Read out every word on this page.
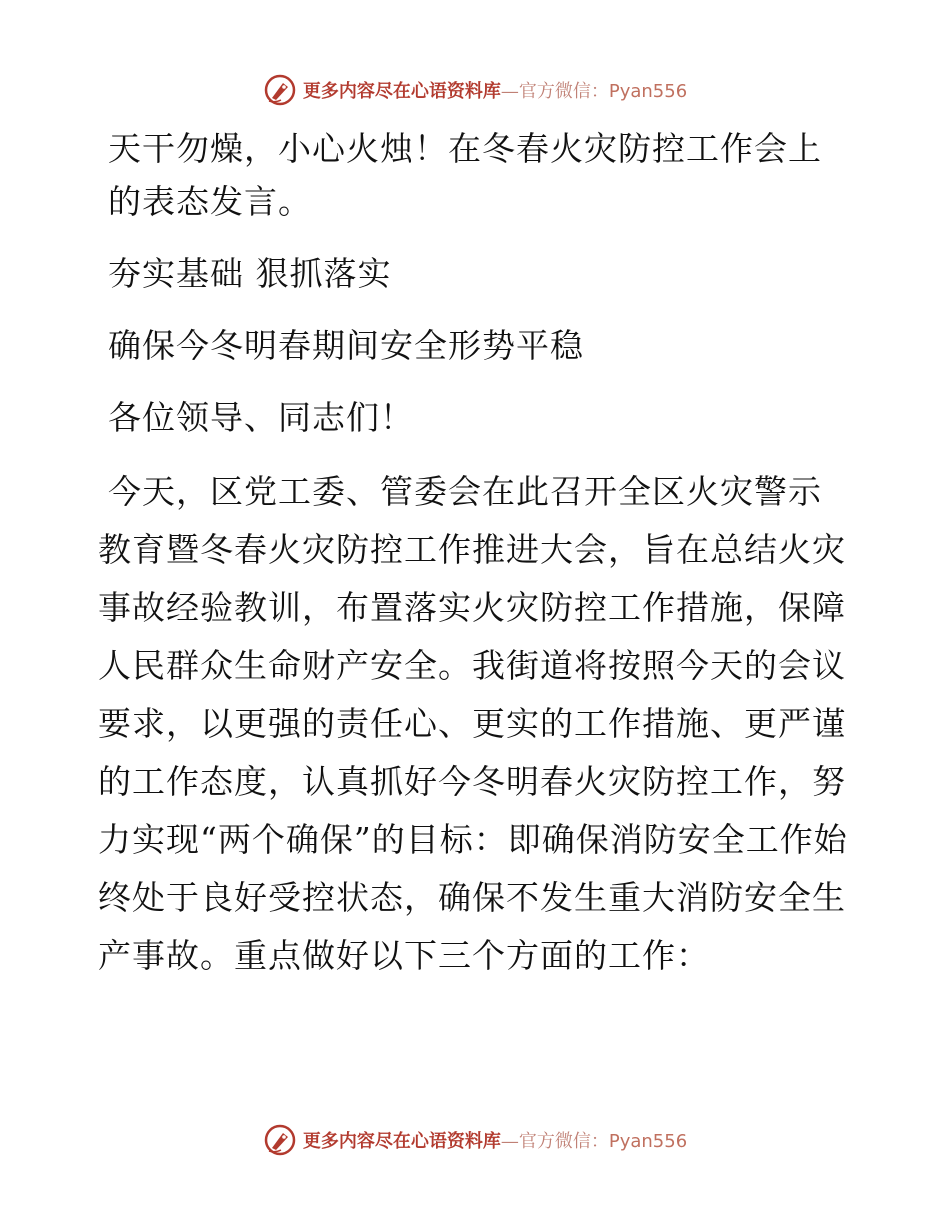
更多内容尽在心语资料库—官方微信：Pyan556

天干勿燥，小心火烛！在冬春火灾防控工作会上的表态发言。

夯实基础 狠抓落实

确保今冬明春期间安全形势平稳

各位领导、同志们！

今天，区党工委、管委会在此召开全区火灾警示教育暨冬春火灾防控工作推进大会，旨在总结火灾事故经验教训，布置落实火灾防控工作措施，保障人民群众生命财产安全。我街道将按照今天的会议要求，以更强的责任心、更实的工作措施、更严谨的工作态度，认真抓好今冬明春火灾防控工作，努力实现“两个确保”的目标：即确保消防安全工作始终处于良好受控状态，确保不发生重大消防安全生产事故。重点做好以下三个方面的工作：

更多内容尽在心语资料库—官方微信：Pyan556
